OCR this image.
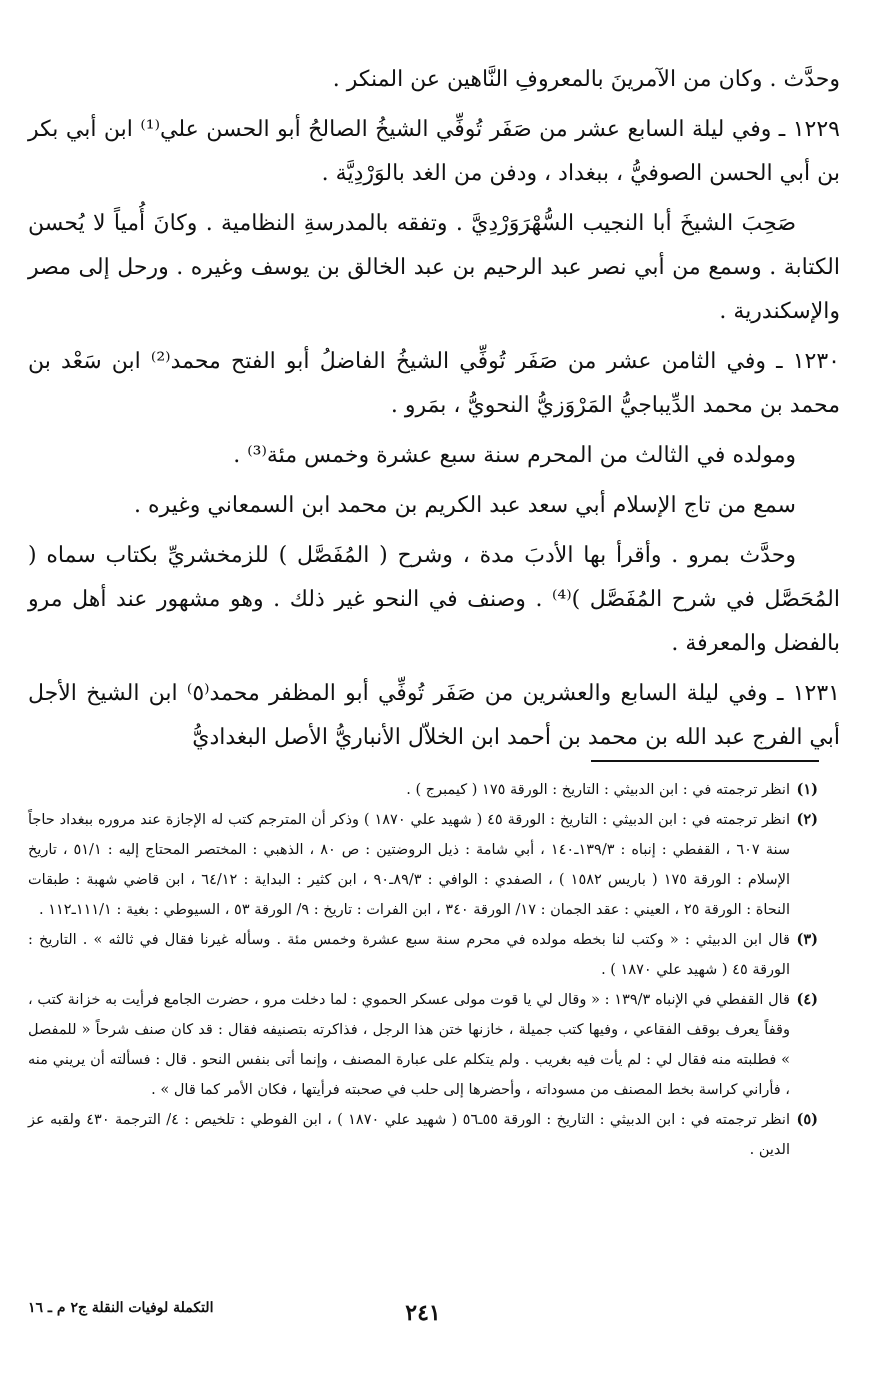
وحدَّث . وكان من الآمرينَ بالمعروفِ النَّاهين عن المنكر .

١٢٢٩ ـ وفي ليلة السابع عشر من صَفَر تُوفِّي الشيخُ الصالحُ أبو الحسن علي⁽¹⁾ ابن أبي بكر بن أبي الحسن الصوفيُّ ، ببغداد ، ودفن من الغد بالوَرْدِيَّة .

صَحِبَ الشيخَ أبا النجيب السُّهْرَوَرْدِيَّ . وتفقه بالمدرسةِ النظامية . وكانَ أُمياً لا يُحسن الكتابة . وسمع من أبي نصر عبد الرحيم بن عبد الخالق بن يوسف وغيره . ورحل إلى مصر والإسكندرية .

١٢٣٠ ـ وفي الثامن عشر من صَفَر تُوفِّي الشيخُ الفاضلُ أبو الفتح محمد⁽²⁾ ابن سَعْد بن محمد بن محمد الدِّيباجيُّ المَرْوَزيُّ النحويُّ ، بمَرو .

ومولده في الثالث من المحرم سنة سبع عشرة وخمس مئة⁽³⁾ .

سمع من تاج الإسلام أبي سعد عبد الكريم بن محمد ابن السمعاني وغيره .

وحدَّث بمرو . وأقرأ بها الأدبَ مدة ، وشرح ( المُفَصَّل ) للزمخشريِّ بكتاب سماه ( المُحَصَّل في شرح المُفَصَّل )⁽⁴⁾ . وصنف في النحو غير ذلك . وهو مشهور عند أهل مرو بالفضل والمعرفة .

١٢٣١ ـ وفي ليلة السابع والعشرين من صَفَر تُوفِّي أبو المظفر محمد⁽٥⁾ ابن الشيخ الأجل أبي الفرج عبد الله بن محمد بن أحمد ابن الخلاّل الأنباريُّ الأصل البغداديُّ

(١)
انظر ترجمته في : ابن الدبيثي : التاريخ : الورقة ١٧٥ ( كيمبرج ) .

(٢)
انظر ترجمته في : ابن الدبيثي : التاريخ : الورقة ٤٥ ( شهيد علي ١٨٧٠ ) وذكر أن المترجم كتب له الإجازة عند مروره ببغداد حاجاً سنة ٦٠٧ ، القفطي : إنباه : ١٣٩/٣ـ١٤٠ ، أبي شامة : ذيل الروضتين : ص ٨٠ ، الذهبي : المختصر المحتاج إليه : ٥١/١ ، تاريخ الإسلام : الورقة ١٧٥ ( باريس ١٥٨٢ ) ، الصفدي : الوافي : ٨٩/٣ـ٩٠ ، ابن كثير : البداية : ٦٤/١٢ ، ابن قاضي شهبة : طبقات النحاة : الورقة ٢٥ ، العيني : عقد الجمان : ١٧/ الورقة ٣٤٠ ، ابن الفرات : تاريخ : ٩/ الورقة ٥٣ ، السيوطي : بغية : ١١١/١ـ١١٢ .

(٣)
قال ابن الدبيثي : « وكتب لنا بخطه مولده في محرم سنة سبع عشرة وخمس مئة . وسأله غيرنا فقال في ثالثه » . التاريخ : الورقة ٤٥ ( شهيد علي ١٨٧٠ ) .

(٤)
قال القفطي في الإنباه ١٣٩/٣ : « وقال لي يا قوت مولى عسكر الحموي : لما دخلت مرو ، حضرت الجامع فرأيت به خزانة كتب ، وقفاً يعرف بوقف الفقاعي ، وفيها كتب جميلة ، خازنها ختن هذا الرجل ، فذاكرته بتصنيفه فقال : قد كان صنف شرحاً « للمفصل » فطلبته منه فقال لي : لم يأت فيه بغريب . ولم يتكلم على عبارة المصنف ، وإنما أتى بنفس النحو . قال : فسألته أن يريني منه ، فأراني كراسة بخط المصنف من مسوداته ، وأحضرها إلى حلب في صحبته فرأيتها ، فكان الأمر كما قال » .

(٥)
انظر ترجمته في : ابن الدبيثي : التاريخ : الورقة ٥٥ـ٥٦ ( شهيد علي ١٨٧٠ ) ، ابن الفوطي : تلخيص : ٤/ الترجمة ٤٣٠ ولقبه عز الدين .

٢٤١
التكملة لوفيات النقلة ج٢ م ـ ١٦
